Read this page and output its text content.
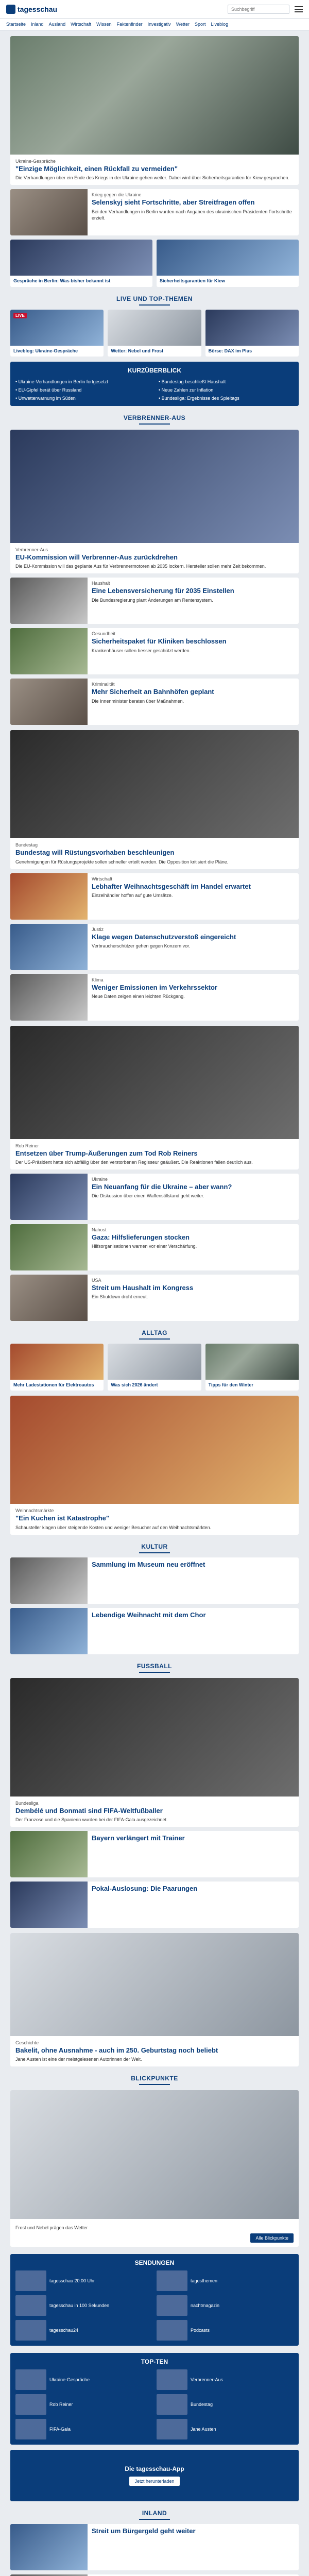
tagesschau	Suchbegriff
Startseite Inland Ausland Wirtschaft Wissen Faktenfinder Investigativ Wetter Sport Liveblog
Ukraine-Gespräche
"Einzige Möglichkeit, einen Rückfall zu vermeiden"
Die Verhandlungen über ein Ende des Kriegs in der Ukraine gehen weiter. Dabei wird über Sicherheitsgarantien für Kiew gesprochen.
Krieg gegen die Ukraine
Selenskyj sieht Fortschritte, aber Streitfragen offen
Bei den Verhandlungen in Berlin wurden nach Angaben des ukrainischen Präsidenten Fortschritte erzielt.
Gespräche in Berlin: Was bisher bekannt ist	Sicherheitsgarantien für Kiew
LIVE UND TOP-THEMEN
LIVE
Liveblog: Ukraine-Gespräche	Wetter: Nebel und Frost	Börse: DAX im Plus
KURZÜBERBLICK
• Ukraine-Verhandlungen in Berlin fortgesetzt	• Bundestag beschließt Haushalt
• EU-Gipfel berät über Russland	• Neue Zahlen zur Inflation
• Unwetterwarnung im Süden	• Bundesliga: Ergebnisse des Spieltags
VERBRENNER-AUS
Verbrenner-Aus
EU-Kommission will Verbrenner-Aus zurückdrehen
Die EU-Kommission will das geplante Aus für Verbrennermotoren ab 2035 lockern. Hersteller sollen mehr Zeit bekommen.
Haushalt
Eine Lebensversicherung für 2035 Einstellen
Die Bundesregierung plant Änderungen am Rentensystem.
Gesundheit
Sicherheitspaket für Kliniken beschlossen
Krankenhäuser sollen besser geschützt werden.
Kriminalität
Mehr Sicherheit an Bahnhöfen geplant
Die Innenminister beraten über Maßnahmen.
Bundestag
Bundestag will Rüstungsvorhaben beschleunigen
Genehmigungen für Rüstungsprojekte sollen schneller erteilt werden. Die Opposition kritisiert die Pläne.
Wirtschaft
Lebhafter Weihnachtsgeschäft im Handel erwartet
Einzelhändler hoffen auf gute Umsätze.
Justiz
Klage wegen Datenschutzverstoß eingereicht
Verbraucherschützer gehen gegen Konzern vor.
Klima
Weniger Emissionen im Verkehrssektor
Neue Daten zeigen einen leichten Rückgang.
Rob Reiner
Entsetzen über Trump-Äußerungen zum Tod Rob Reiners
Der US-Präsident hatte sich abfällig über den verstorbenen Regisseur geäußert. Die Reaktionen fallen deutlich aus.
Ukraine
Ein Neuanfang für die Ukraine – aber wann?
Die Diskussion über einen Waffenstillstand geht weiter.
Nahost
Gaza: Hilfslieferungen stocken
Hilfsorganisationen warnen vor einer Verschärfung.
USA
Streit um Haushalt im Kongress
Ein Shutdown droht erneut.
ALLTAG
Mehr Ladestationen für Elektroautos	Was sich 2026 ändert	Tipps für den Winter
Weihnachtsmärkte
"Ein Kuchen ist Katastrophe"
Schausteller klagen über steigende Kosten und weniger Besucher auf den Weihnachtsmärkten.
KULTUR
Sammlung im Museum neu eröffnet
Lebendige Weihnacht mit dem Chor
FUSSBALL
Bundesliga
Dembélé und Bonmati sind FIFA-Weltfußballer
Der Franzose und die Spanierin wurden bei der FIFA-Gala ausgezeichnet.
Bayern verlängert mit Trainer
Pokal-Auslosung: Die Paarungen
Geschichte
Bakelit, ohne Ausnahme - auch im 250. Geburtstag noch beliebt
Jane Austen ist eine der meistgelesenen Autorinnen der Welt.
BLICKPUNKTE
Frost und Nebel prägen das Wetter
Alle Blickpunkte
SENDUNGEN
tagesschau 20:00 Uhr	tagesthemen
tagesschau in 100 Sekunden	nachtmagazin
tagesschau24	Podcasts
TOP-TEN
Ukraine-Gespräche	Verbrenner-Aus
Rob Reiner	Bundestag
FIFA-Gala	Jane Austen
Die tagesschau-App
Jetzt herunterladen
INLAND
Streit um Bürgergeld geht weiter
